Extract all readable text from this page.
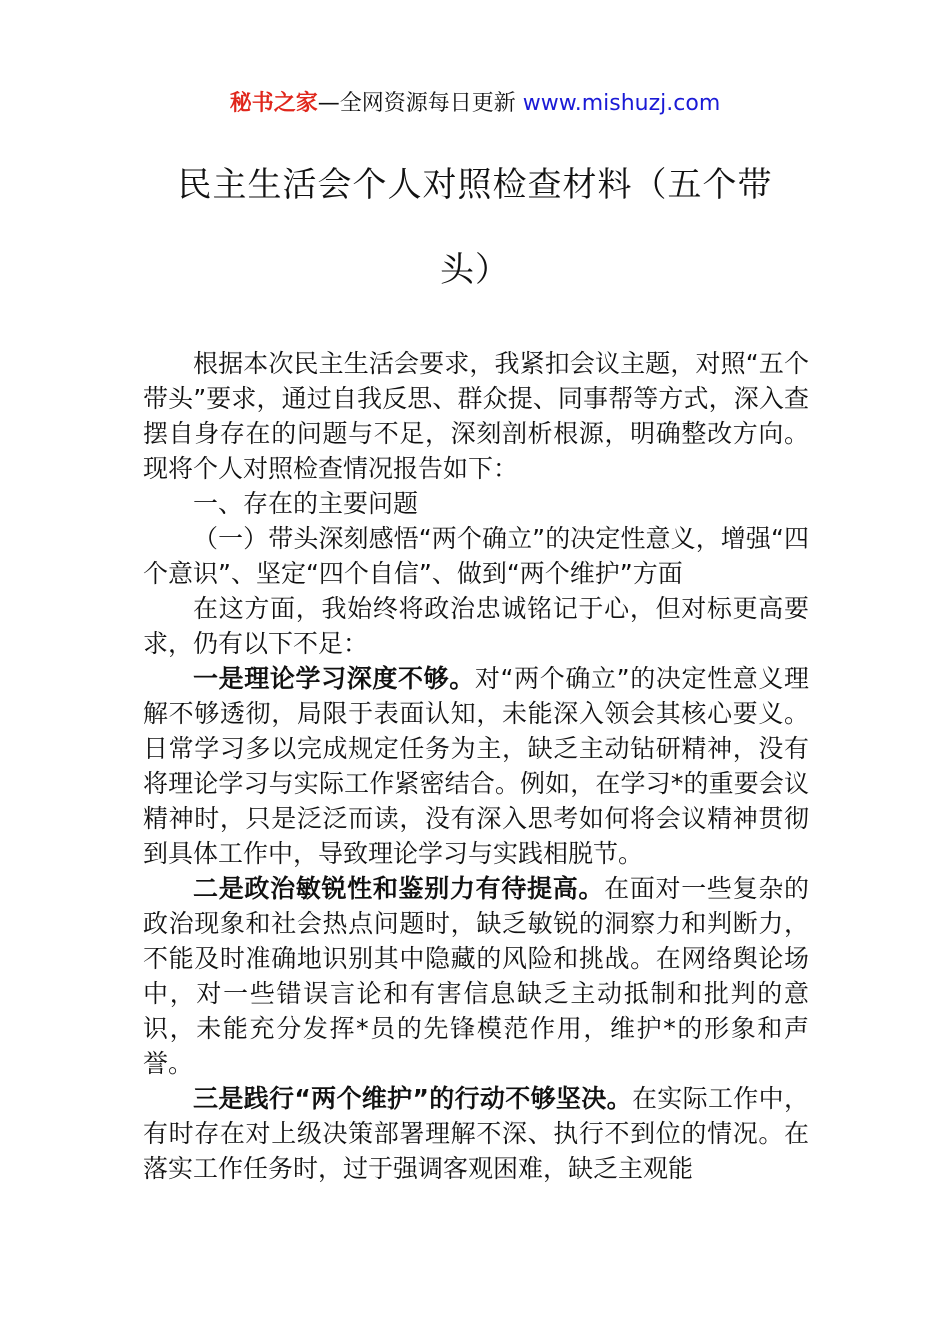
秘书之家—全网资源每日更新 www.mishuzj.com
民主生活会个人对照检查材料（五个带
头）

根据本次民主生活会要求，我紧扣会议主题，对照“五个带头”要求，通过自我反思、群众提、同事帮等方式，深入查摆自身存在的问题与不足，深刻剖析根源，明确整改方向。现将个人对照检查情况报告如下：

一、存在的主要问题

（一）带头深刻感悟“两个确立”的决定性意义，增强“四个意识”、坚定“四个自信”、做到“两个维护”方面

在这方面，我始终将政治忠诚铭记于心，但对标更高要求，仍有以下不足：

一是理论学习深度不够。对“两个确立”的决定性意义理解不够透彻，局限于表面认知，未能深入领会其核心要义。日常学习多以完成规定任务为主，缺乏主动钻研精神，没有将理论学习与实际工作紧密结合。例如，在学习*的重要会议精神时，只是泛泛而读，没有深入思考如何将会议精神贯彻到具体工作中，导致理论学习与实践相脱节。

二是政治敏锐性和鉴别力有待提高。在面对一些复杂的政治现象和社会热点问题时，缺乏敏锐的洞察力和判断力，不能及时准确地识别其中隐藏的风险和挑战。在网络舆论场中，对一些错误言论和有害信息缺乏主动抵制和批判的意识，未能充分发挥*员的先锋模范作用，维护*的形象和声誉。

三是践行“两个维护”的行动不够坚决。在实际工作中，有时存在对上级决策部署理解不深、执行不到位的情况。在落实工作任务时，过于强调客观困难，缺乏主观能
